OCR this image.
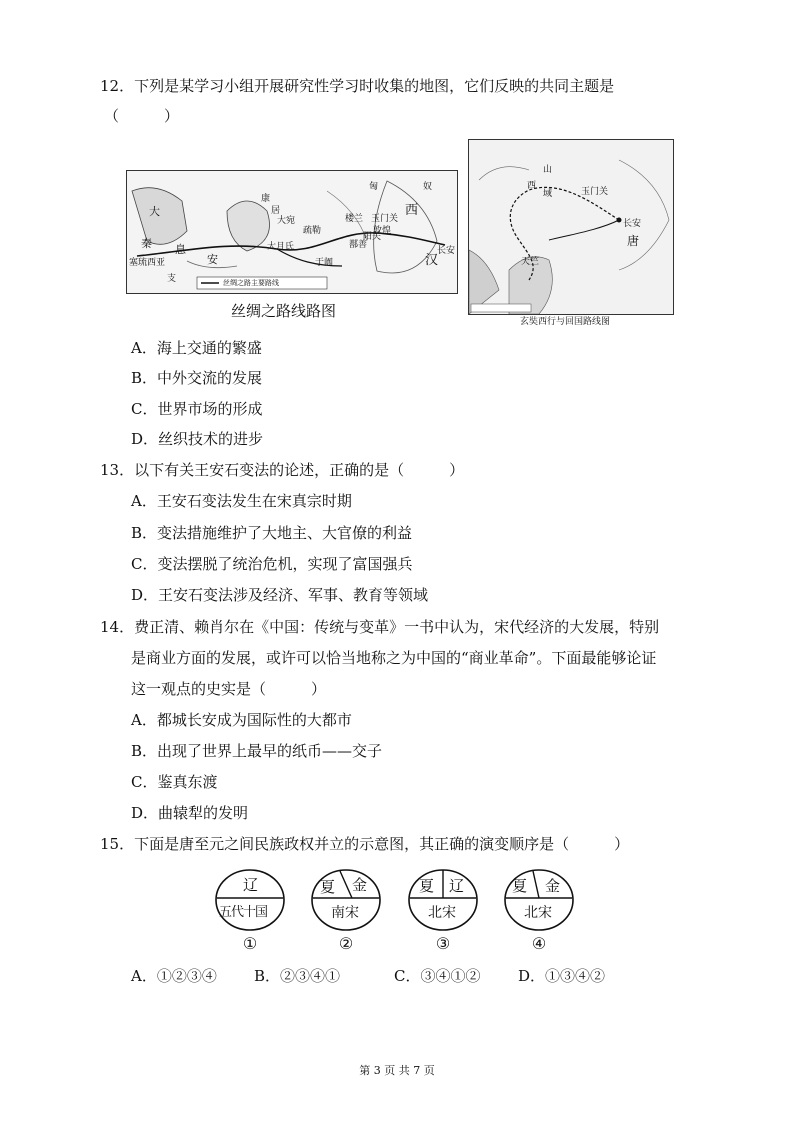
12．下列是某学习小组开展研究性学习时收集的地图，它们反映的共同主题是
（　　　）
匈	奴
西
大
秦
康
居
大宛
疏勒
楼兰 玉门关
敦煌
阳关
鄯善
安
息	大月氏
于阗	汉
长安
塞琉西亚
支	丝绸之路主要路线
丝绸之路线路图
西
域
天竺
长安
唐
山
玉门关
玄奘西行与回国路线图
A．海上交通的繁盛
B．中外交流的发展
C．世界市场的形成
D．丝织技术的进步
13．以下有关王安石变法的论述，正确的是（　　　）
A．王安石变法发生在宋真宗时期
B．变法措施维护了大地主、大官僚的利益
C．变法摆脱了统治危机，实现了富国强兵
D．王安石变法涉及经济、军事、教育等领域
14．费正清、赖肖尔在《中国：传统与变革》一书中认为，宋代经济的大发展，特别
是商业方面的发展，或许可以恰当地称之为中国的“商业革命”。下面最能够论证
这一观点的史实是（　　　）
A．都城长安成为国际性的大都市
B．出现了世界上最早的纸币——交子
C．鉴真东渡
D．曲辕犁的发明
15．下面是唐至元之间民族政权并立的示意图，其正确的演变顺序是（　　　）
辽
五代十国
①
夏 金
南宋
②
夏 辽
北宋
③
夏 金
北宋
④
A．①②③④ B．②③④①	C．③④①②	D．①③④②
第 3 页 共 7 页
